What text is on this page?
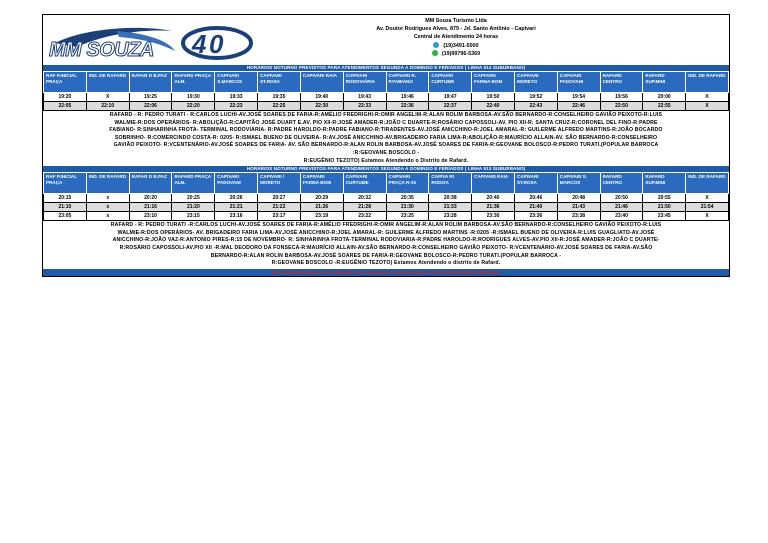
4 0
MM SOUZA
MM Souza Turismo Ltda
Av. Doutor Rodrigues Alves, 879 - Jd. Santo Antônio - Capivari
Central de Atendimento 24 horas
(19)3491-5000
(19)99796-5369
HORÁRIOS NOTURNO PREVISTOS PARA ATENDIMENTOS SEGUNDA A DOMINGO E FERIADOS ( LINHA 514 SUBURBANO)
RAF P.INICIAL PRAÇA	IND. DE RAFARD	RAFAR D B.PAZ	RAFARD PRAÇA ALM.	CAPIVARI S.MARCOS	CAPIVARI ST.ROSA	CAPIVARI RAIA	CAPIVARI RODOVIÁRIA	CAPIVARI R. P.FABIANO	CAPIVARI CURTUME	CAPIVARI FARMA BOM	CAPIVARI MORETO	CAPIVARI PADOVANI	RAFARD CENTRO	RAFARD SUP.MINI	IND. DE RAFARD
19:20	X	19:25	19:30	19:33	19:35	19:40	19:43	19:46	19:47	19:50	19:52	19:54	19:56	20:00	X
22:05	22:10	22:06	22:20	22:23	22:25	22:30	22:33	22:36	22:37	22:40	22:43	22:46	22:50	22:55	X
RAFARD - R: PEDRO TURATI - R:CARLOS LUCHI-AV.JOSÉ SOARES DE FARIA-R:AMÉLIO FREDRIGHI-R:OMIR ANGELIM-R:ALAN ROLIM BARBOSA-AV.SÃO BERNARDO-R:CONSELHEIRO GAVIÃO PEIXOTO-R:LUIS
WALMIE-R:DOS OPERÁRIOS- R:ABOLIÇÃO-R:CAPITÃO JOSÉ DUART E.AV. PIO XII-R:JOSÉ AMADER-R:JOÃO C DUARTE-R:ROSÁRIO CAPOSSOLI-AV. PIO XII-R: SANTA CRUZ-R:CORONEL DEL FINO-R:PADRE
FABIANO- R:SINHARINHA FROTA- TERMINAL RODOVIARIA- R:PADRE HAROLDO-R:PADRE FABIANO-R:TIRADENTES-AV.JOSÉ ANICCHINO-R:JOEL AMARAL-R: GUILERME ALFREDO MARTINS-R:JOÃO BOCARDO
SOBRINHO- R:COMERCINDO COSTA-R: 0205- R:ISMAEL BUENO DE OLIVEIRA- R:AV.JOSÉ ANICCHINO-AV.BRIGADEIRO FARIA LIMA-R:ABOLIÇÃO-R:MAURÍCIO ALLAIN-AV. SÃO BERNARDO-R:CONSELHEIRO
GAVIÃO PEIXOTO- R:VCENTENÁRIO-AV.JOSÉ SOARES DE FARIA- AV. SÃO BERNARDO-R:ALAN ROLIN BARBOSA-AV.JOSÉ SOARES DE FARIA-R:GEOVANE BOLOSCO-R:PEDRO TURATI.(POPULAR BARROCA
:R:GEOVANE BOSCOLO -
R:EUGÊNIO TEZOTO) Estamos Atendendo o Distrito de Rafard.
HORÁRIOS NOTURNO PREVISTOS PARA ATENDIMENTOS SEGUNDA A DOMINGO E FERIADOS ( LINHA 513 SUBURBANO)
RAF P.INICIAL PRAÇA	IND. DE RAFARD	RAFAR D B.PAZ	RAFARD PRAÇA ALM.	CAPIVARI PADOVANI	CAPIVARI / MORETO	CAPIVARI FARMA BOM	CAPIVARI CURTUME	CAPIVARI PRAÇA R-15	CAPIVA RI RODOV.	CAPIVARI RAIA	CAPIVARI ST.ROSA	CAPIVARI S. MARCOS	RAFARD CENTRO	RAFARD SUP.MINI	IND. DE RAFARD
20:15	x	20:20	20:25	20:26	20:27	20:29	20:32	20:35	20:38	20:40	20:46	20:48	20:50	20:55	X
21:10	x	21:16	21:20	21:21	21:22	21:26	21:28	21:30	21:33	21:36	21:40	21:43	21:46	21:50	21:54
23:05	x	23:10	23:15	23:16	23:17	23:19	23:22	23:25	23:28	23:30	23:36	23:38	23:40	23:45	X
RAFARD - R: PEDRO TURATI -R:CARLOS LUCHI-AV.JOSÉ SOARES DE FARIA-R:AMÉLIO FREDRIGHI-R:OMIR ANGELIM-R:ALAN ROLIM BARBOSA-AV.SÃO BERNARDO-R:CONSELHEIRO GAVIÃO PEIXOTO-R:LUIS
WALMIE-R:DOS OPERÁRIOS- AV. BRIGADEIRO FARIA LIMA-AV.JOSÉ ANICCHINO-R:JOEL AMARAL-R: GUILERME ALFREDO MARTINS -R:0205 -R:ISMAEL BUENO DE OLIVEIRA-R:LUIS GUAGLIATO-AV.JOSÉ
ANICCHINO-R:JOÃO VAZ-R:ANTONIO PIRES-R:15 DE NOVEMBRO- R: SINHARINHA FROTA-TERMINAL RODOVIARIA-R:PADRE HAROLDO-R:RODRIGUES ALVES-AV.PIO XII-R:JOSÉ AMADER-R:JOÃO C DUARTE-
R:ROSÁRIO CAPOSSOLI-AV.PIO XII -R:MAL DEODORO DA FONSECA-R:MAURÍCIO ALLAIN-AV.SÃO BERNARDO-R:CONSELHEIRO GAVIÃO PEIXOTO- R:VCENTENÁRIO-AV.JOSÉ SOARES DE FARIA-AV.SÃO
BERNARDO-R:ALAN ROLIN BARBOSA-AV.JOSÉ SOARES DE FARIA-R:GEOVANE BOLOSCO-R:PEDRO TURATI.(POPULAR BARROCA -
R:GEOVANE BOSCOLO -R:EUGÊNIO TEZOTO) Estamos Atendendo o distrito de Rafard.
Este informativo poderá sofrer alterações sem aviso prévio. Consulte sempre a Central de Atendimento MM Souza.
